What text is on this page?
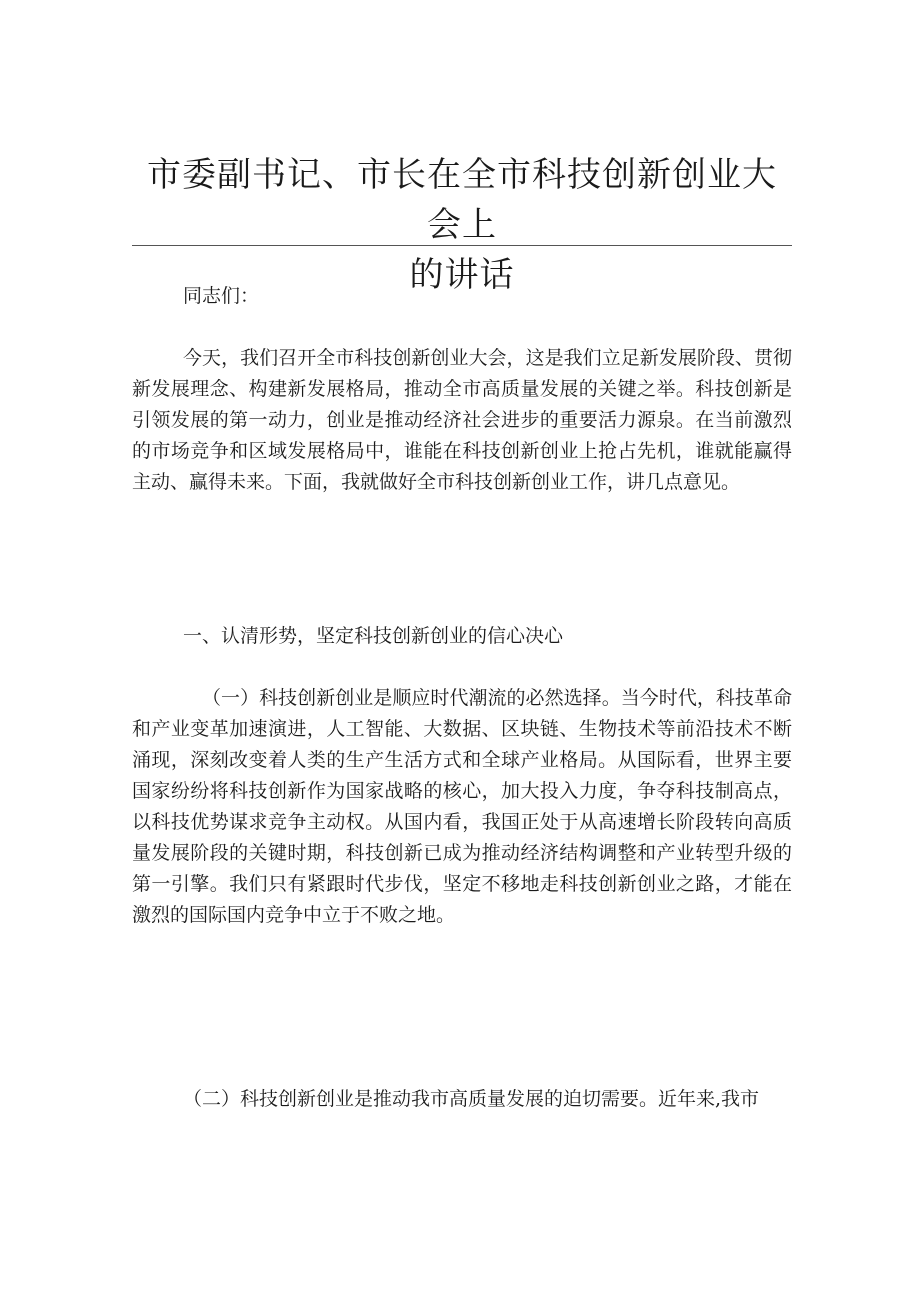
市委副书记、市长在全市科技创新创业大会上
的讲话

同志们：

今天，我们召开全市科技创新创业大会，这是我们立足新发展阶段、贯彻新发展理念、构建新发展格局，推动全市高质量发展的关键之举。科技创新是引领发展的第一动力，创业是推动经济社会进步的重要活力源泉。在当前激烈的市场竞争和区域发展格局中，谁能在科技创新创业上抢占先机，谁就能赢得主动、赢得未来。下面，我就做好全市科技创新创业工作，讲几点意见。

一、认清形势，坚定科技创新创业的信心决心

（一）科技创新创业是顺应时代潮流的必然选择。当今时代，科技革命和产业变革加速演进，人工智能、大数据、区块链、生物技术等前沿技术不断涌现，深刻改变着人类的生产生活方式和全球产业格局。从国际看，世界主要国家纷纷将科技创新作为国家战略的核心，加大投入力度，争夺科技制高点，以科技优势谋求竞争主动权。从国内看，我国正处于从高速增长阶段转向高质量发展阶段的关键时期，科技创新已成为推动经济结构调整和产业转型升级的第一引擎。我们只有紧跟时代步伐，坚定不移地走科技创新创业之路，才能在激烈的国际国内竞争中立于不败之地。

（二）科技创新创业是推动我市高质量发展的迫切需要。近年来,我市
